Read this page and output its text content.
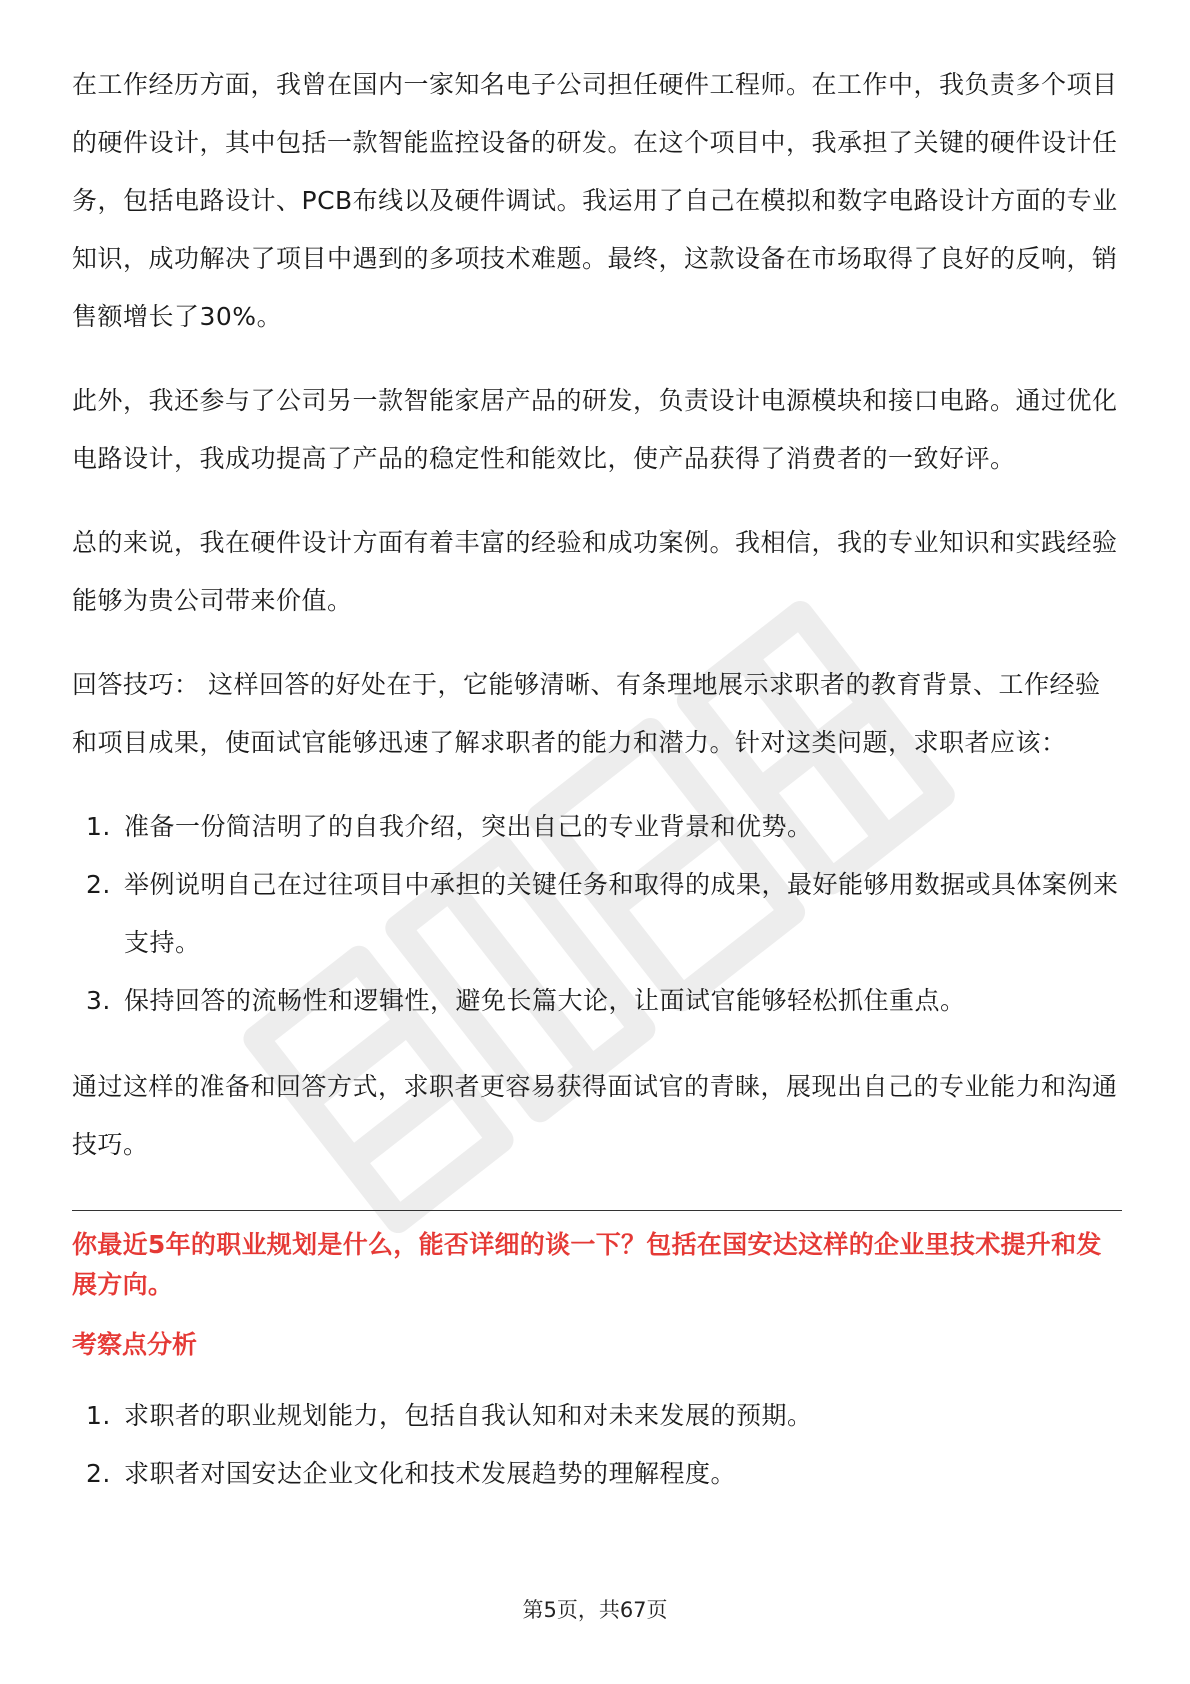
在工作经历方面，我曾在国内一家知名电子公司担任硬件工程师。在工作中，我负责多个项目的硬件设计，其中包括一款智能监控设备的研发。在这个项目中，我承担了关键的硬件设计任务，包括电路设计、PCB布线以及硬件调试。我运用了自己在模拟和数字电路设计方面的专业知识，成功解决了项目中遇到的多项技术难题。最终，这款设备在市场取得了良好的反响，销售额增长了30%。

此外，我还参与了公司另一款智能家居产品的研发，负责设计电源模块和接口电路。通过优化电路设计，我成功提高了产品的稳定性和能效比，使产品获得了消费者的一致好评。

总的来说，我在硬件设计方面有着丰富的经验和成功案例。我相信，我的专业知识和实践经验能够为贵公司带来价值。

回答技巧： 这样回答的好处在于，它能够清晰、有条理地展示求职者的教育背景、工作经验和项目成果，使面试官能够迅速了解求职者的能力和潜力。针对这类问题，求职者应该：

1. 准备一份简洁明了的自我介绍，突出自己的专业背景和优势。
2. 举例说明自己在过往项目中承担的关键任务和取得的成果，最好能够用数据或具体案例来支持。
3. 保持回答的流畅性和逻辑性，避免长篇大论，让面试官能够轻松抓住重点。

通过这样的准备和回答方式，求职者更容易获得面试官的青睐，展现出自己的专业能力和沟通技巧。

你最近5年的职业规划是什么，能否详细的谈一下？包括在国安达这样的企业里技术提升和发展方向。
考察点分析
1. 求职者的职业规划能力，包括自我认知和对未来发展的预期。
2. 求职者对国安达企业文化和技术发展趋势的理解程度。
第5页，共67页
